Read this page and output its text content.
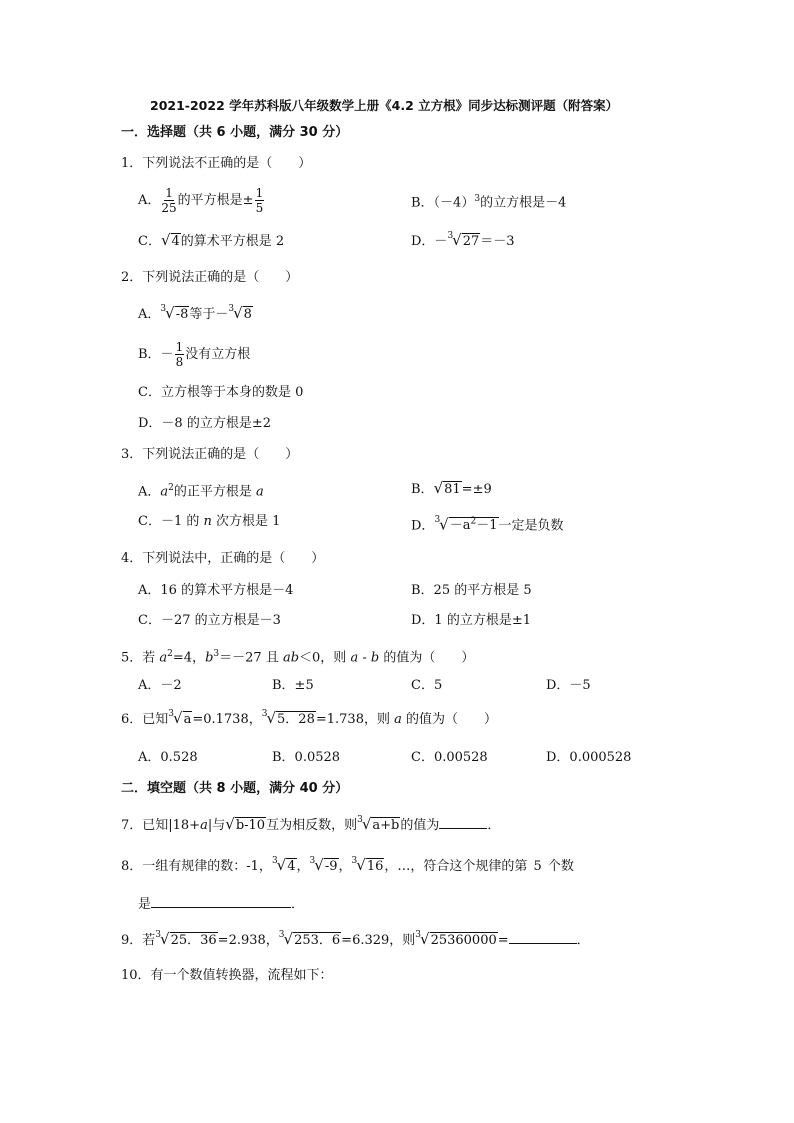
2021-2022 学年苏科版八年级数学上册《4.2 立方根》同步达标测评题（附答案）
一．选择题（共 6 小题，满分 30 分）
1．下列说法不正确的是（　　）
A． $\frac{1}{25}$ 的平方根是± $\frac{1}{5}$	B．$(-4)^3$的立方根是－4
C．√4的算术平方根是 2	D．－$^3$√27＝－3
2．下列说法正确的是（　　）
A．$^3$√-8等于－$^3$√8
B．－ $\frac{1}{8}$ 没有立方根
C．立方根等于本身的数是 0
D．－8 的立方根是±2
3．下列说法正确的是（　　）
A．$a^2$的正平方根是 a	B．√81=±9
C．－1 的 n 次方根是 1	D．$^3√-a^2-1$一定是负数
4．下列说法中，正确的是（　　）
A．16 的算术平方根是－4	B．25 的平方根是 5
C．－27 的立方根是－3	D．1 的立方根是±1
5．若 $a^2=4$，$b^3=-27$ 且 ab＜0，则 a - b 的值为（　　）
A．－2	B．±5	C．5	D．－5
6．已知$^3$√a=0.1738，$^3$√5．28=1.738，则 a 的值为（　　）
A．0.528	B．0.0528	C．0.00528	D．0.000528
二．填空题（共 8 小题，满分 40 分）
7．已知|18+a|与√b-10互为相反数，则$^3$√a+b的值为	．
8．一组有规律的数：-1，$^3$√4，$^3$√-9，$^3$√16，…，符合这个规律的第 5 个数
是	．
9．若$^3$√25．36=2.938，$^3$√253．6=6.329，则$^3$√25360000=	．
10．有一个数值转换器，流程如下：
